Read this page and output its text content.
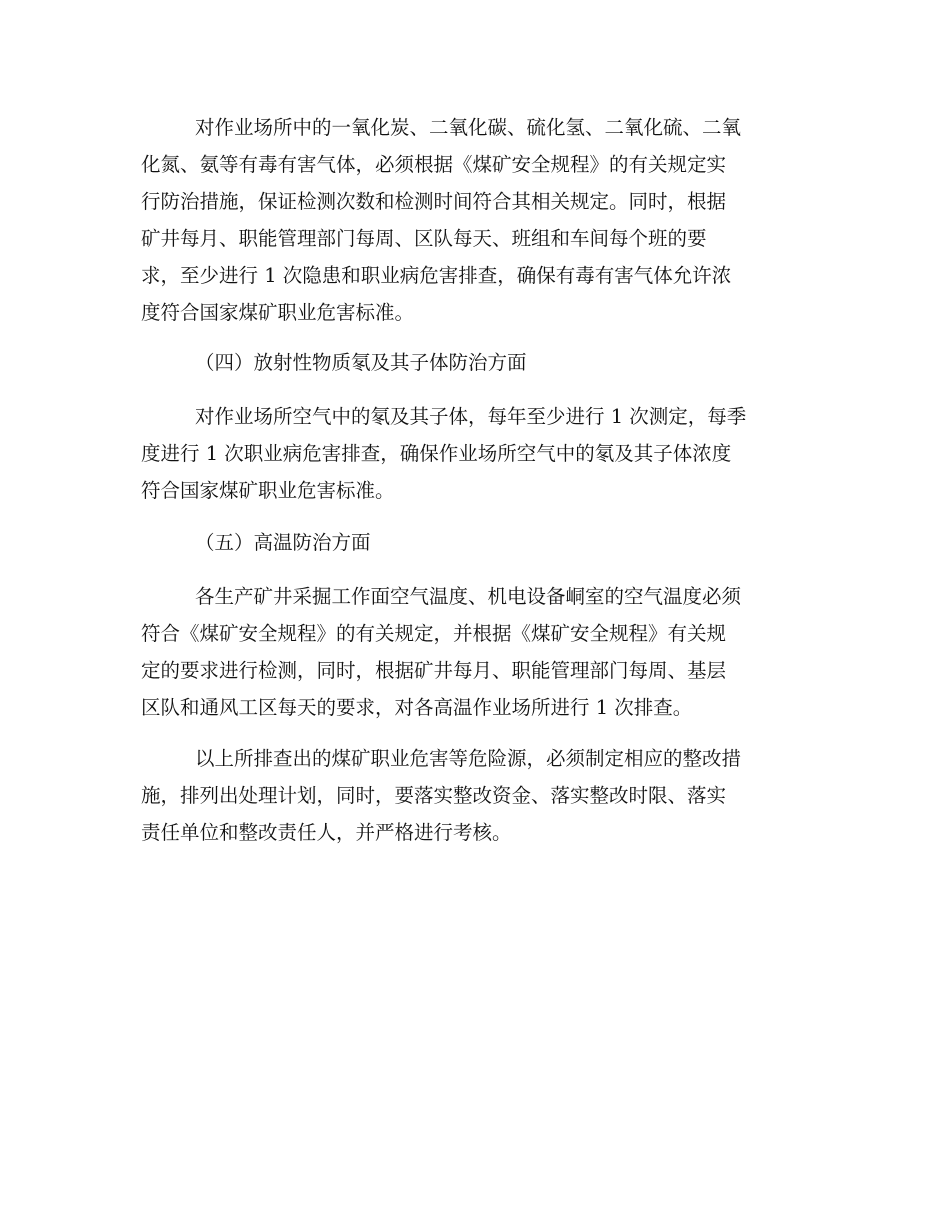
对作业场所中的一氧化炭、二氧化碳、硫化氢、二氧化硫、二氧
化氮、氨等有毒有害气体，必须根据《煤矿安全规程》的有关规定实
行防治措施，保证检测次数和检测时间符合其相关规定。同时，根据
矿井每月、职能管理部门每周、区队每天、班组和车间每个班的要
求，至少进行 1 次隐患和职业病危害排查，确保有毒有害气体允许浓
度符合国家煤矿职业危害标准。
（四）放射性物质氡及其子体防治方面
对作业场所空气中的氡及其子体，每年至少进行 1 次测定，每季
度进行 1 次职业病危害排查，确保作业场所空气中的氡及其子体浓度
符合国家煤矿职业危害标准。
（五）高温防治方面
各生产矿井采掘工作面空气温度、机电设备峒室的空气温度必须
符合《煤矿安全规程》的有关规定，并根据《煤矿安全规程》有关规
定的要求进行检测，同时，根据矿井每月、职能管理部门每周、基层
区队和通风工区每天的要求，对各高温作业场所进行 1 次排查。
以上所排查出的煤矿职业危害等危险源，必须制定相应的整改措
施，排列出处理计划，同时，要落实整改资金、落实整改时限、落实
责任单位和整改责任人，并严格进行考核。
